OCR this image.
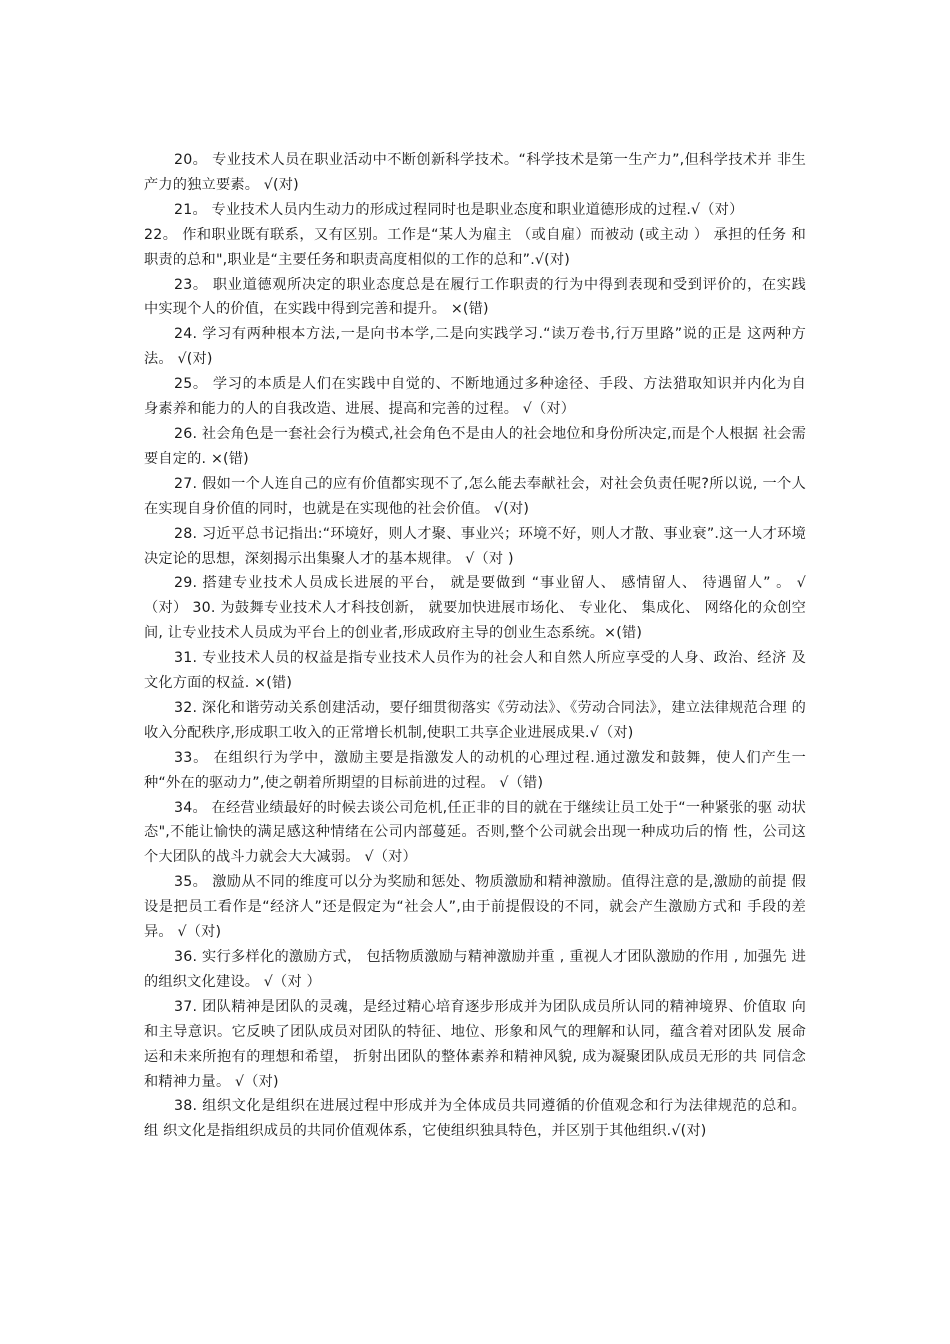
20。 专业技术人员在职业活动中不断创新科学技术。“科学技术是第一生产力”,但科学技术并 非生产力的独立要素。 √(对)

21。 专业技术人员内生动力的形成过程同时也是职业态度和职业道德形成的过程.√（对）

22。 作和职业既有联系，又有区别。工作是“某人为雇主 （或自雇）而被动 (或主动 ） 承担的任务 和职责的总和",职业是“主要任务和职责高度相似的工作的总和”.√(对)

23。 职业道德观所决定的职业态度总是在履行工作职责的行为中得到表现和受到评价的，在实践 中实现个人的价值，在实践中得到完善和提升。 ×(错)

24. 学习有两种根本方法,一是向书本学,二是向实践学习.“读万卷书,行万里路”说的正是 这两种方法。 √(对)

25。 学习的本质是人们在实践中自觉的、不断地通过多种途径、手段、方法猎取知识并内化为自 身素养和能力的人的自我改造、进展、提高和完善的过程。 √（对）

26. 社会角色是一套社会行为模式,社会角色不是由人的社会地位和身份所决定,而是个人根据 社会需要自定的. ×(错)

27. 假如一个人连自己的应有价值都实现不了,怎么能去奉献社会，对社会负责任呢?所以说, 一个人在实现自身价值的同时，也就是在实现他的社会价值。 √(对)

28. 习近平总书记指出:“环境好，则人才聚、事业兴；环境不好，则人才散、事业衰”.这一人才环境决定论的思想，深刻揭示出集聚人才的基本规律。 √（对 )

29. 搭建专业技术人员成长进展的平台， 就是要做到 “事业留人、 感情留人、 待遇留人” 。 √ （对） 30. 为鼓舞专业技术人才科技创新， 就要加快进展市场化、 专业化、 集成化、 网络化的众创空间, 让专业技术人员成为平台上的创业者,形成政府主导的创业生态系统。×(错)

31. 专业技术人员的权益是指专业技术人员作为的社会人和自然人所应享受的人身、政治、经济 及文化方面的权益. ×(错)

32. 深化和谐劳动关系创建活动，要仔细贯彻落实《劳动法》、《劳动合同法》，建立法律规范合理 的收入分配秩序,形成职工收入的正常增长机制,使职工共享企业进展成果.√（对)

33。 在组织行为学中，激励主要是指激发人的动机的心理过程.通过激发和鼓舞，使人们产生一 种“外在的驱动力”,使之朝着所期望的目标前进的过程。 √（错)

34。 在经营业绩最好的时候去谈公司危机,任正非的目的就在于继续让员工处于“一种紧张的驱 动状态",不能让愉快的满足感这种情绪在公司内部蔓延。否则,整个公司就会出现一种成功后的惰 性，公司这个大团队的战斗力就会大大减弱。 √（对）

35。 激励从不同的维度可以分为奖励和惩处、物质激励和精神激励。值得注意的是,激励的前提 假设是把员工看作是“经济人”还是假定为“社会人”,由于前提假设的不同，就会产生激励方式和 手段的差异。 √（对)

36. 实行多样化的激励方式， 包括物质激励与精神激励并重 , 重视人才团队激励的作用 , 加强先 进的组织文化建设。 √（对 ）

37. 团队精神是团队的灵魂，是经过精心培育逐步形成并为团队成员所认同的精神境界、价值取 向和主导意识。它反映了团队成员对团队的特征、地位、形象和风气的理解和认同，蕴含着对团队发 展命运和未来所抱有的理想和希望， 折射出团队的整体素养和精神风貌, 成为凝聚团队成员无形的共 同信念和精神力量。 √（对)

38. 组织文化是组织在进展过程中形成并为全体成员共同遵循的价值观念和行为法律规范的总和。 组 织文化是指组织成员的共同价值观体系，它使组织独具特色，并区别于其他组织.√(对)
